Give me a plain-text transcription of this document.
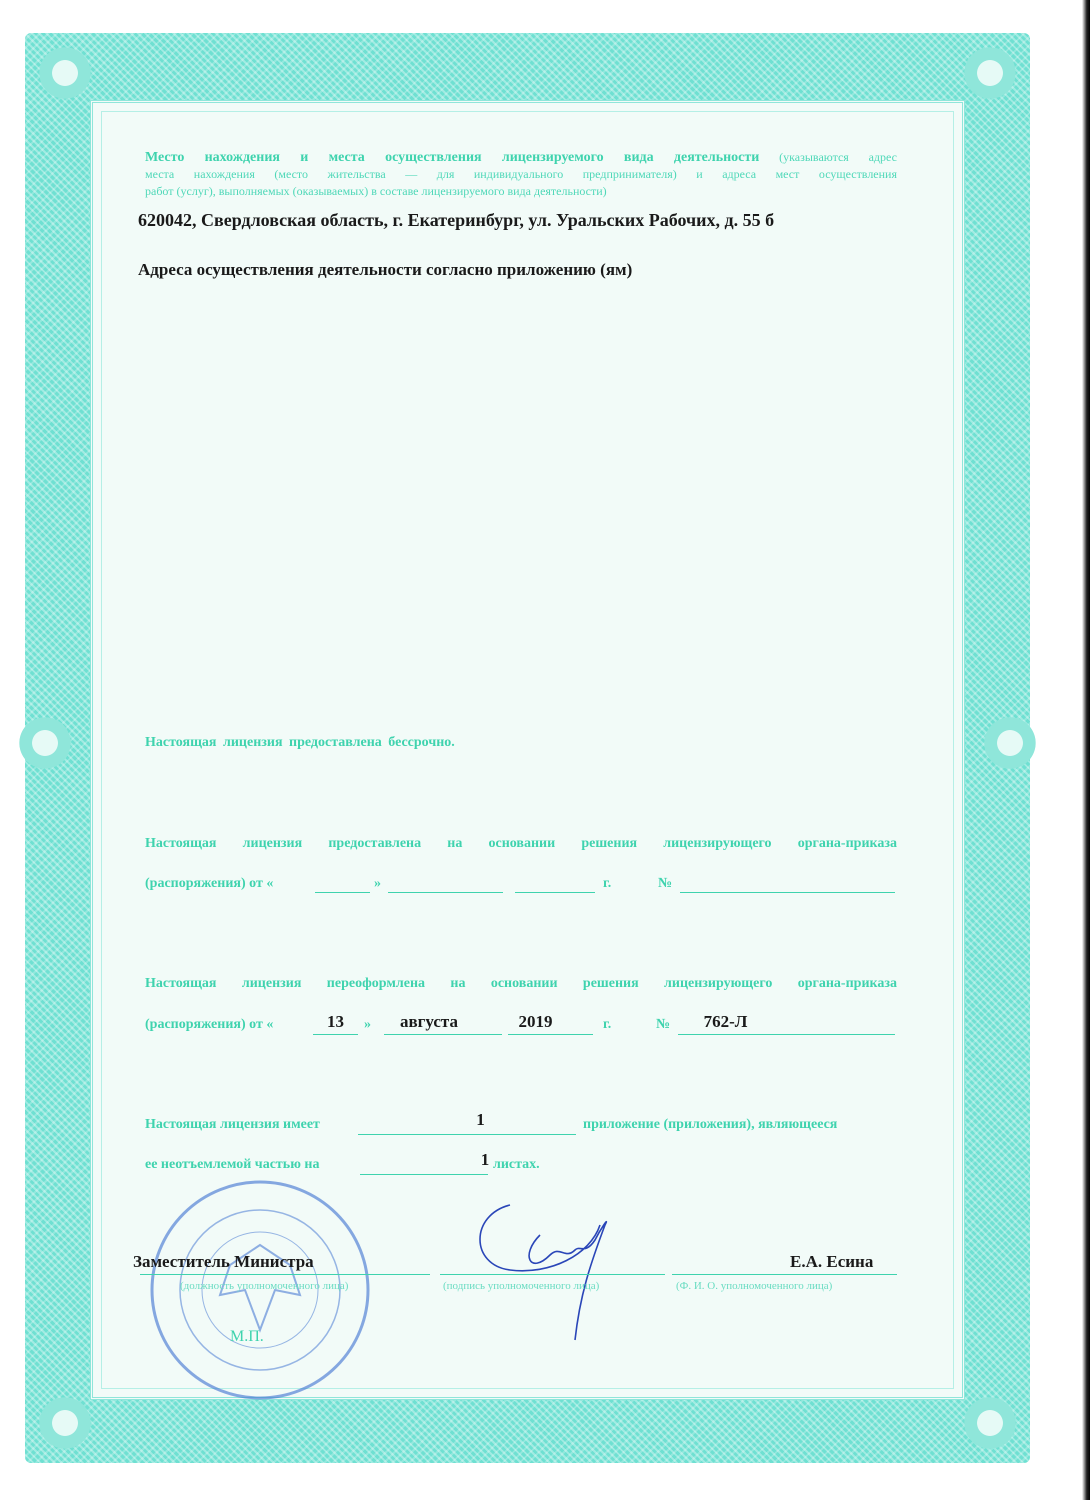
Место нахождения и места осуществления лицензируемого вида деятельности (указываются адрес
места нахождения (место жительства — для индивидуального предпринимателя) и адреса мест осуществления
работ (услуг), выполняемых (оказываемых) в составе лицензируемого вида деятельности)
620042, Свердловская область, г. Екатеринбург, ул. Уральских Рабочих, д. 55 б
Адреса осуществления деятельности согласно приложению (ям)
Настоящая лицензия предоставлена бессрочно.
Настоящая лицензия предоставлена на основании решения лицензирующего органа-приказа
(распоряжения) от «	»	г.	№
Настоящая лицензия переоформлена на основании решения лицензирующего органа-приказа
(распоряжения) от «	13	»	августа	2019	г.	№	762-Л
Настоящая лицензия имеет	1	приложение (приложения), являющееся
ее неотъемлемой частью на	1 листах.
Заместитель Министра
(должность уполномоченного лица)	(подпись уполномоченного лица)
Е.А. Есина
(Ф. И. О. уполномоченного лица)
М.П.
